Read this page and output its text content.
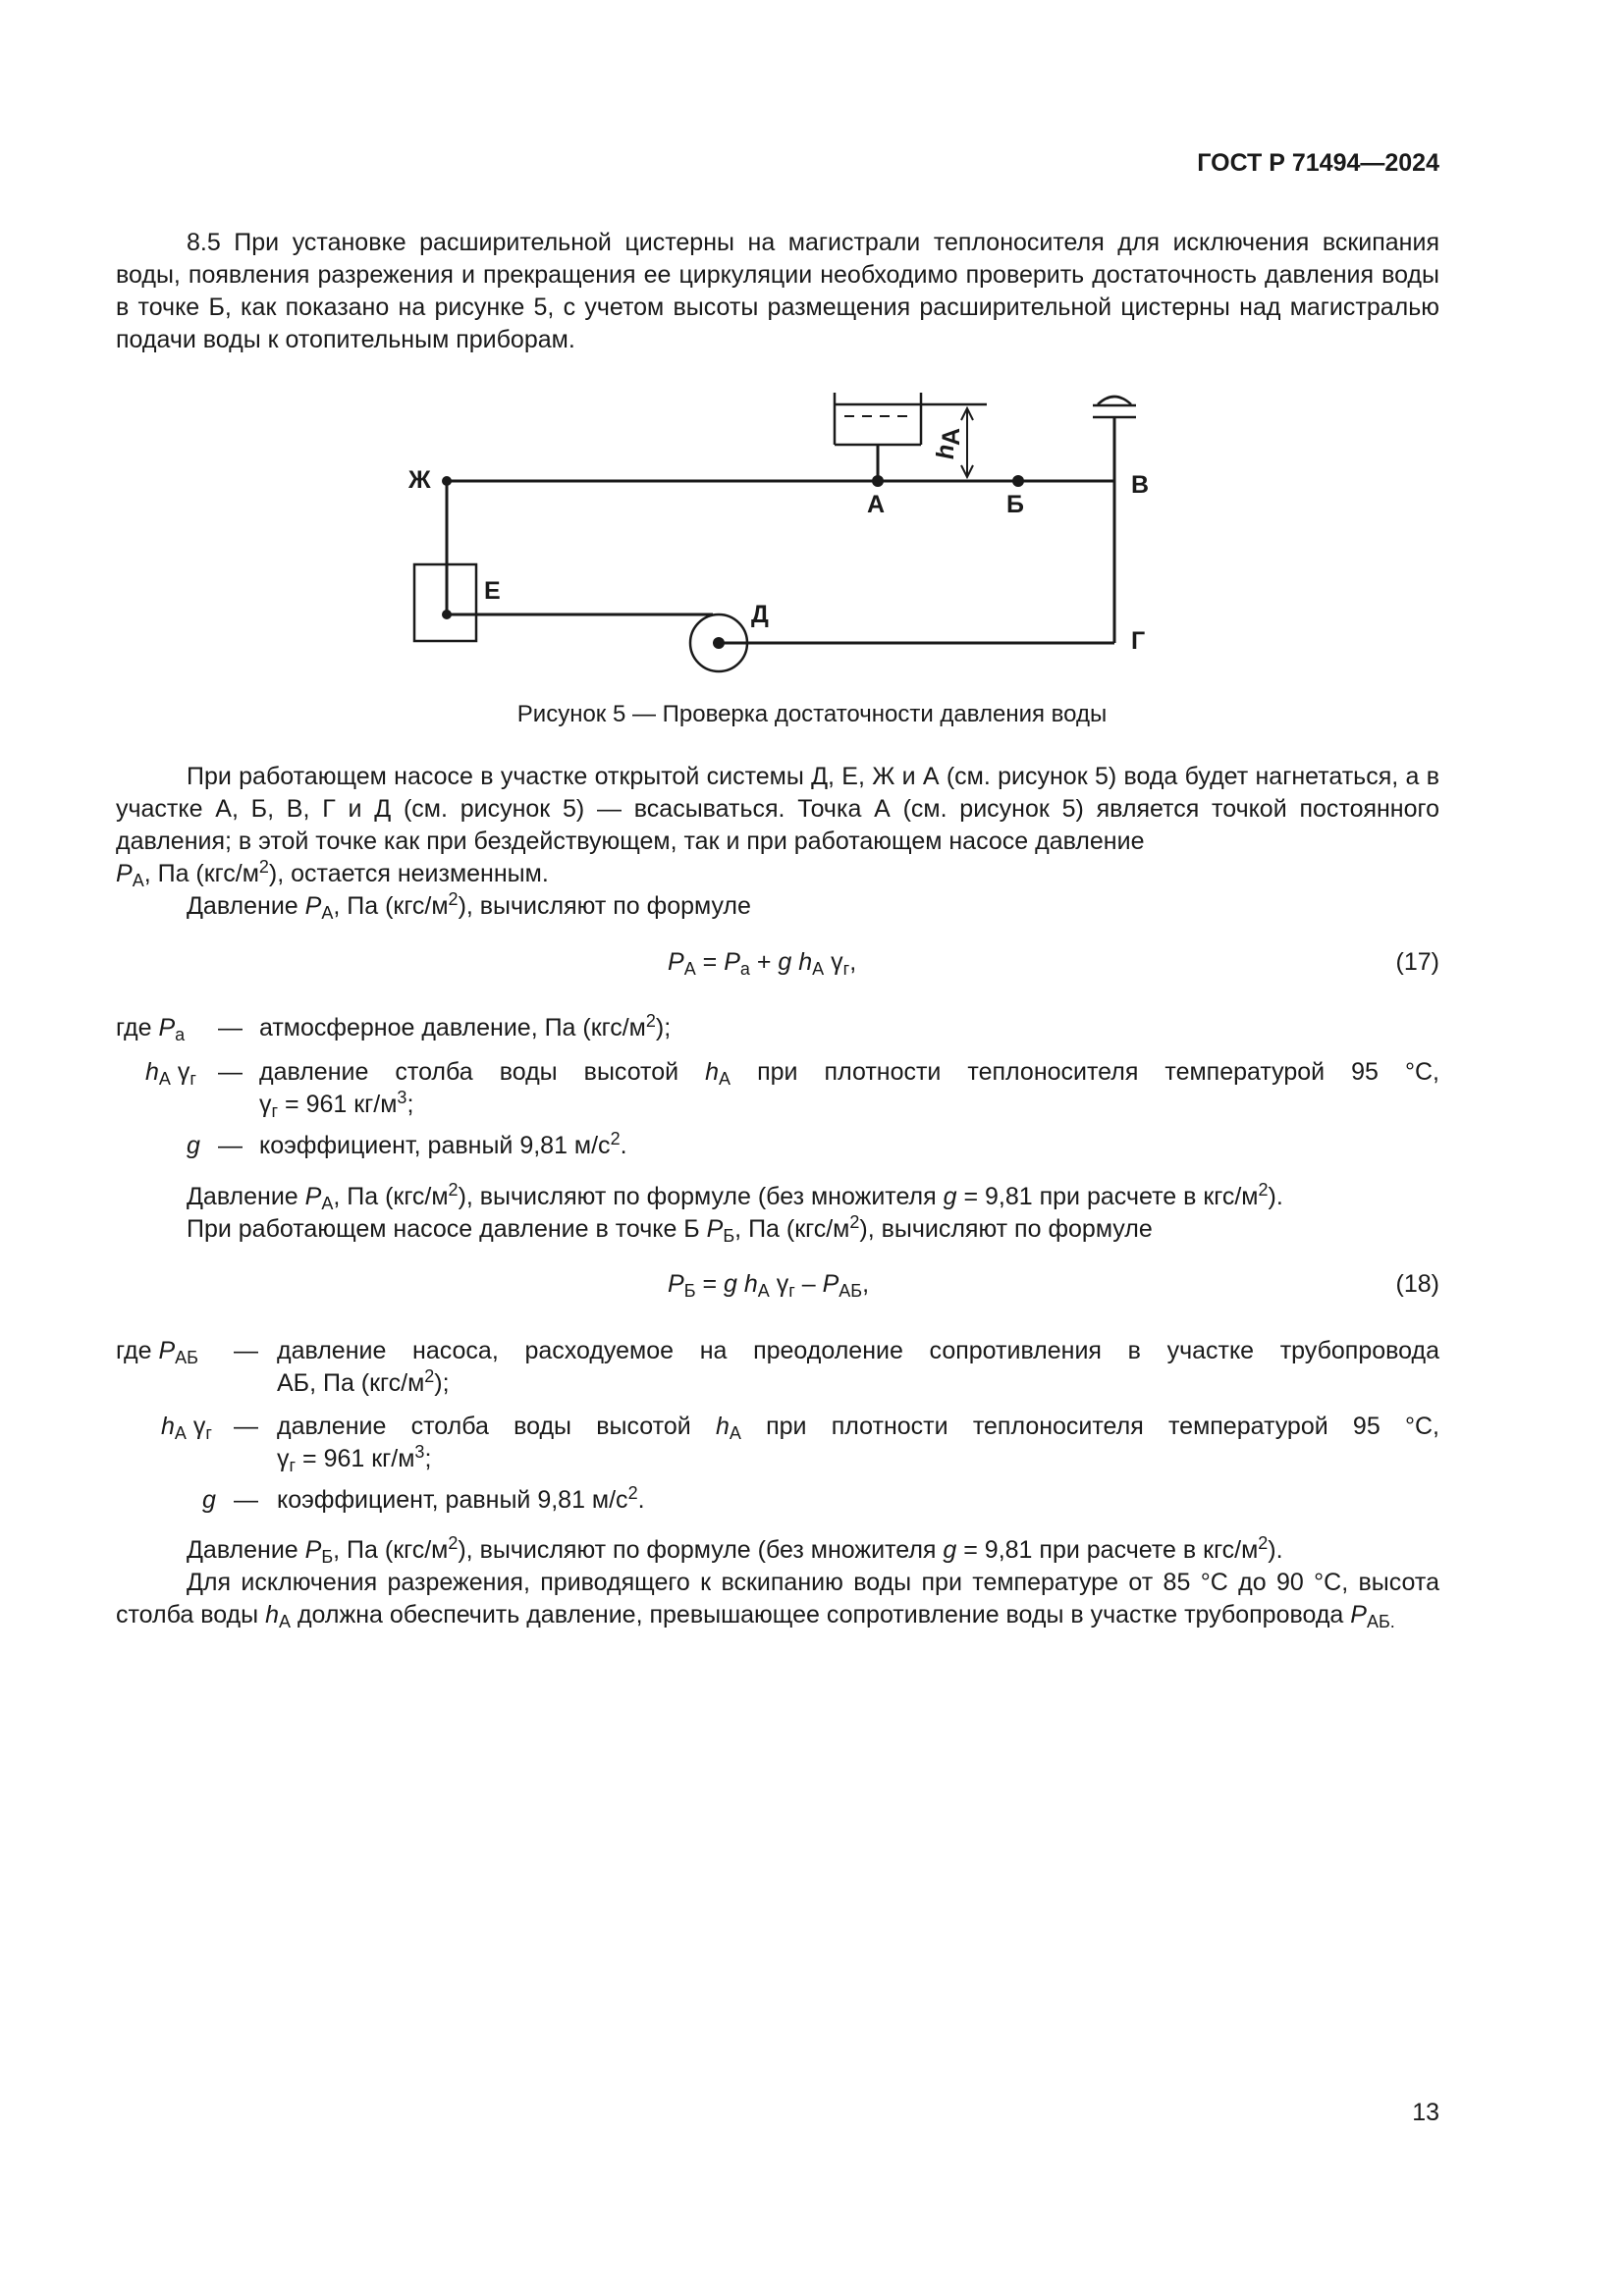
ГОСТ Р 71494—2024
8.5 При установке расширительной цистерны на магистрали теплоносителя для исключения вскипания воды, появления разрежения и прекращения ее циркуляции необходимо проверить достаточность давления воды в точке Б, как показано на рисунке 5, с учетом высоты размещения расширительной цистерны над магистралью подачи воды к отопительным приборам.
Ж
А	Б
В
Е
Д
Г
h
А
Рисунок 5 — Проверка достаточности давления воды
При работающем насосе в участке открытой системы Д, Е, Ж и А (см. рисунок 5) вода будет нагнетаться, а в участке А, Б, В, Г и Д (см. рисунок 5) — всасываться. Точка А (см. рисунок 5) является точкой постоянного давления; в этой точке как при бездействующем, так и при работающем насосе давление
$P_А$, Па $(кгс/м^2)$, остается неизменным.
Давление $P_А$, Па $(кгс/м^2)$, вычисляют по формуле
$P_А = P_а + g$ $h_А$ $\gamma_г$,	(17)
где $P_а$ — атмосферное давление, Па $(кгс/м^2)$;
$h_А$ $\gamma_г$ — давление столба воды высотой $h_А$ при плотности теплоносителя температурой 95 °С,
$\gamma_г = 961$ $кг/м^3$;
g — коэффициент, равный 9,81 $м/с^2$.
Давление $P_А$, Па $(кгс/м^2)$, вычисляют по формуле (без множителя g = 9,81 при расчете в кгс/$м^2$).
При работающем насосе давление в точке Б $P_Б$, Па $(кгс/м^2)$, вычисляют по формуле
$P_Б = g$ $h_А$ $\gamma_г - P_{АБ}$,	(18)
где $P_{АБ}$ — давление насоса, расходуемое на преодоление сопротивления в участке трубопровода
АБ, Па $(кгс/м^2)$;
$h_А$ $\gamma_г$ — давление столба воды высотой $h_А$ при плотности теплоносителя температурой 95 °С,
$\gamma_г = 961$ $кг/м^3$;
g — коэффициент, равный 9,81 $м/с^2$.
Давление $P_Б$, Па $(кгс/м^2)$, вычисляют по формуле (без множителя g = 9,81 при расчете в кгс/$м^2$).
Для исключения разрежения, приводящего к вскипанию воды при температуре от 85 °С до 90 °С, высота столба воды $h_А$ должна обеспечить давление, превышающее сопротивление воды в участке трубопровода $P_{АБ.}$
13
